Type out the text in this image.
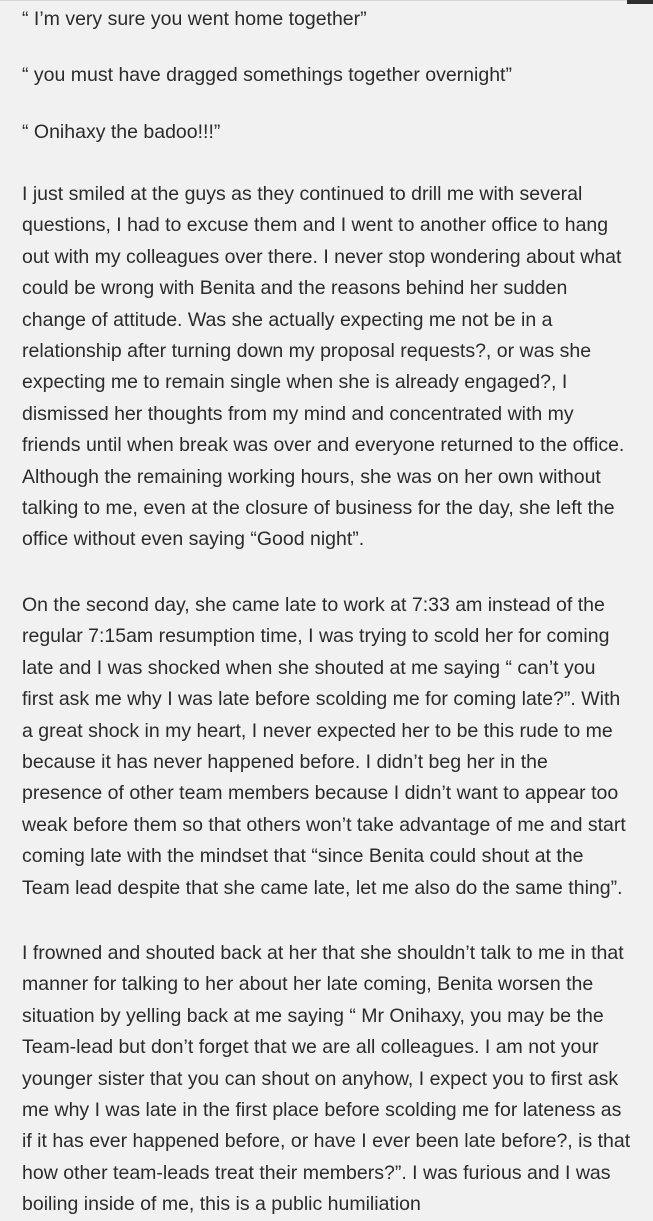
“ I’m very sure you went home together”

“ you must have dragged somethings together overnight”

“ Onihaxy the badoo!!!”

I just smiled at the guys as they continued to drill me with several questions, I had to excuse them and I went to another office to hang out with my colleagues over there. I never stop wondering about what could be wrong with Benita and the reasons behind her sudden change of attitude. Was she actually expecting me not be in a relationship after turning down my proposal requests?, or was she expecting me to remain single when she is already engaged?, I dismissed her thoughts from my mind and concentrated with my friends until when break was over and everyone returned to the office. Although the remaining working hours, she was on her own without talking to me, even at the closure of business for the day, she left the office without even saying “Good night”.

On the second day, she came late to work at 7:33 am instead of the regular 7:15am resumption time, I was trying to scold her for coming late and I was shocked when she shouted at me saying “ can’t you first ask me why I was late before scolding me for coming late?”. With a great shock in my heart, I never expected her to be this rude to me because it has never happened before. I didn’t beg her in the presence of other team members because I didn’t want to appear too weak before them so that others won’t take advantage of me and start coming late with the mindset that “since Benita could shout at the Team lead despite that she came late, let me also do the same thing”.

I frowned and shouted back at her that she shouldn’t talk to me in that manner for talking to her about her late coming, Benita worsen the situation by yelling back at me saying “ Mr Onihaxy, you may be the Team-lead but don’t forget that we are all colleagues. I am not your younger sister that you can shout on anyhow, I expect you to first ask me why I was late in the first place before scolding me for lateness as if it has ever happened before, or have I ever been late before?, is that how other team-leads treat their members?”. I was furious and I was boiling inside of me, this is a public humiliation
